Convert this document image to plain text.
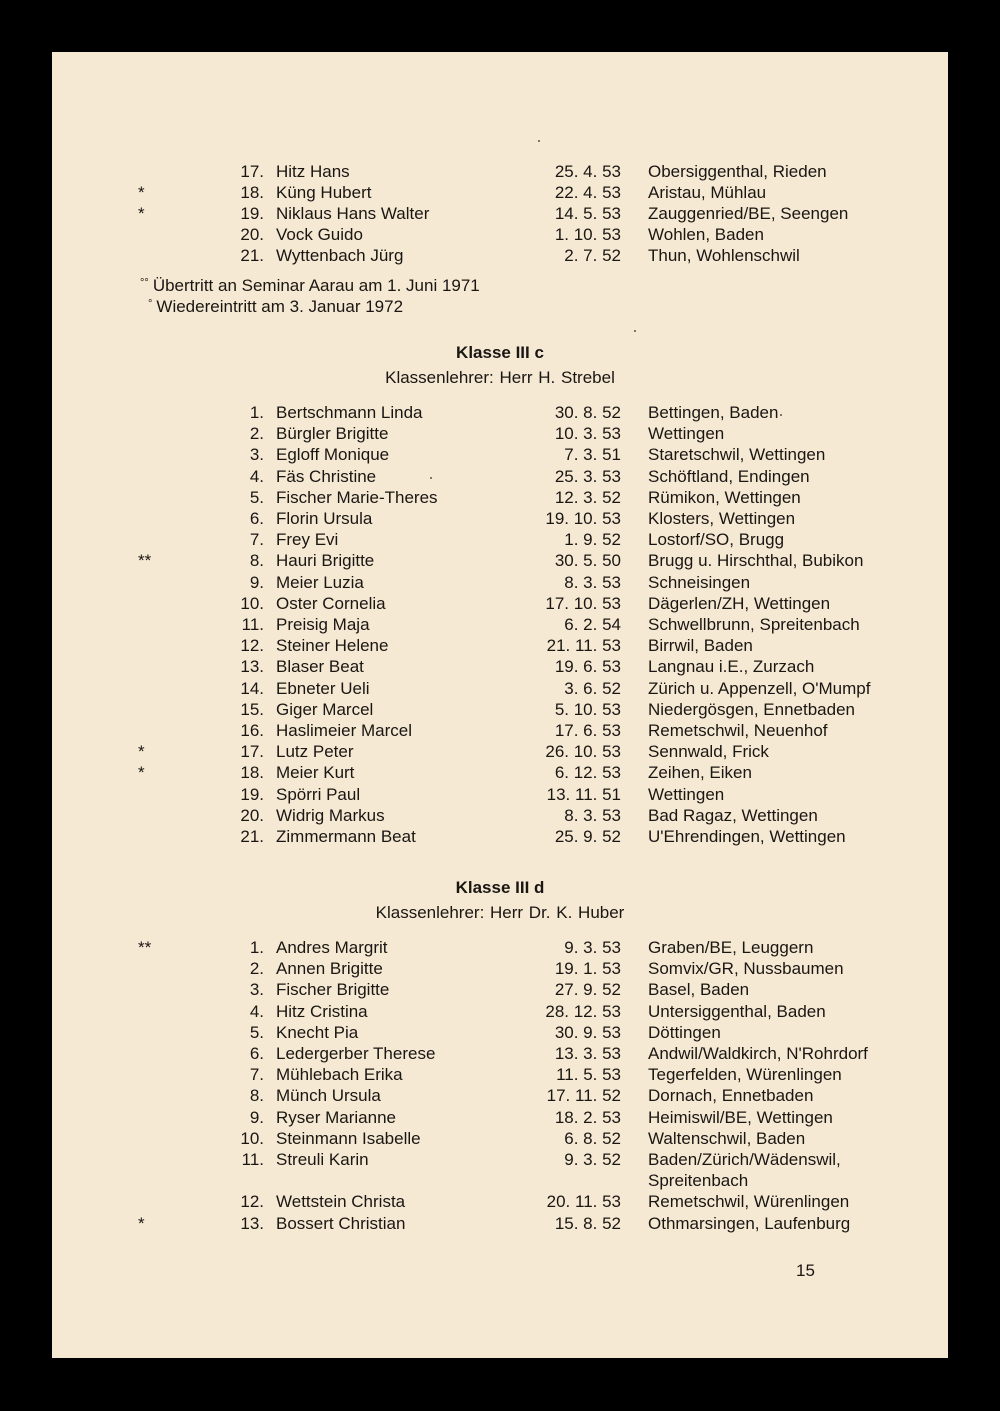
17. Hitz Hans	25. 4. 53 Obersiggenthal, Rieden
*	18. Küng Hubert	22. 4. 53 Aristau, Mühlau
*	19. Niklaus Hans Walter	14. 5. 53 Zauggenried/BE, Seengen
20. Vock Guido	1. 10. 53 Wohlen, Baden
21. Wyttenbach Jürg	2. 7. 52 Thun, Wohlenschwil
°° Übertritt an Seminar Aarau am 1. Juni 1971
° Wiedereintritt am 3. Januar 1972
Klasse III c
Klassenlehrer: Herr H. Strebel
1. Bertschmann Linda	30. 8. 52 Bettingen, Baden
2. Bürgler Brigitte	10. 3. 53 Wettingen
3. Egloff Monique	7. 3. 51 Staretschwil, Wettingen
4. Fäs Christine	25. 3. 53 Schöftland, Endingen
5. Fischer Marie-Theres	12. 3. 52 Rümikon, Wettingen
6. Florin Ursula	19. 10. 53 Klosters, Wettingen
7. Frey Evi	1. 9. 52 Lostorf/SO, Brugg
**	8. Hauri Brigitte	30. 5. 50 Brugg u. Hirschthal, Bubikon
9. Meier Luzia	8. 3. 53 Schneisingen
10. Oster Cornelia	17. 10. 53 Dägerlen/ZH, Wettingen
11. Preisig Maja	6. 2. 54 Schwellbrunn, Spreitenbach
12. Steiner Helene	21. 11. 53 Birrwil, Baden
13. Blaser Beat	19. 6. 53 Langnau i.E., Zurzach
14. Ebneter Ueli	3. 6. 52 Zürich u. Appenzell, O'Mumpf
15. Giger Marcel	5. 10. 53 Niedergösgen, Ennetbaden
16. Haslimeier Marcel	17. 6. 53 Remetschwil, Neuenhof
*	17. Lutz Peter	26. 10. 53 Sennwald, Frick
*	18. Meier Kurt	6. 12. 53 Zeihen, Eiken
19. Spörri Paul	13. 11. 51 Wettingen
20. Widrig Markus	8. 3. 53 Bad Ragaz, Wettingen
21. Zimmermann Beat	25. 9. 52 U'Ehrendingen, Wettingen
Klasse III d
Klassenlehrer: Herr Dr. K. Huber
**	1. Andres Margrit	9. 3. 53 Graben/BE, Leuggern
2. Annen Brigitte	19. 1. 53 Somvix/GR, Nussbaumen
3. Fischer Brigitte	27. 9. 52 Basel, Baden
4. Hitz Cristina	28. 12. 53 Untersiggenthal, Baden
5. Knecht Pia	30. 9. 53 Döttingen
6. Ledergerber Therese	13. 3. 53 Andwil/Waldkirch, N'Rohrdorf
7. Mühlebach Erika	11. 5. 53 Tegerfelden, Würenlingen
8. Münch Ursula	17. 11. 52 Dornach, Ennetbaden
9. Ryser Marianne	18. 2. 53 Heimiswil/BE, Wettingen
10. Steinmann Isabelle	6. 8. 52 Waltenschwil, Baden
11. Streuli Karin	9. 3. 52 Baden/Zürich/Wädenswil, Spreitenbach
12. Wettstein Christa	20. 11. 53 Remetschwil, Würenlingen
*	13. Bossert Christian	15. 8. 52 Othmarsingen, Laufenburg
15
